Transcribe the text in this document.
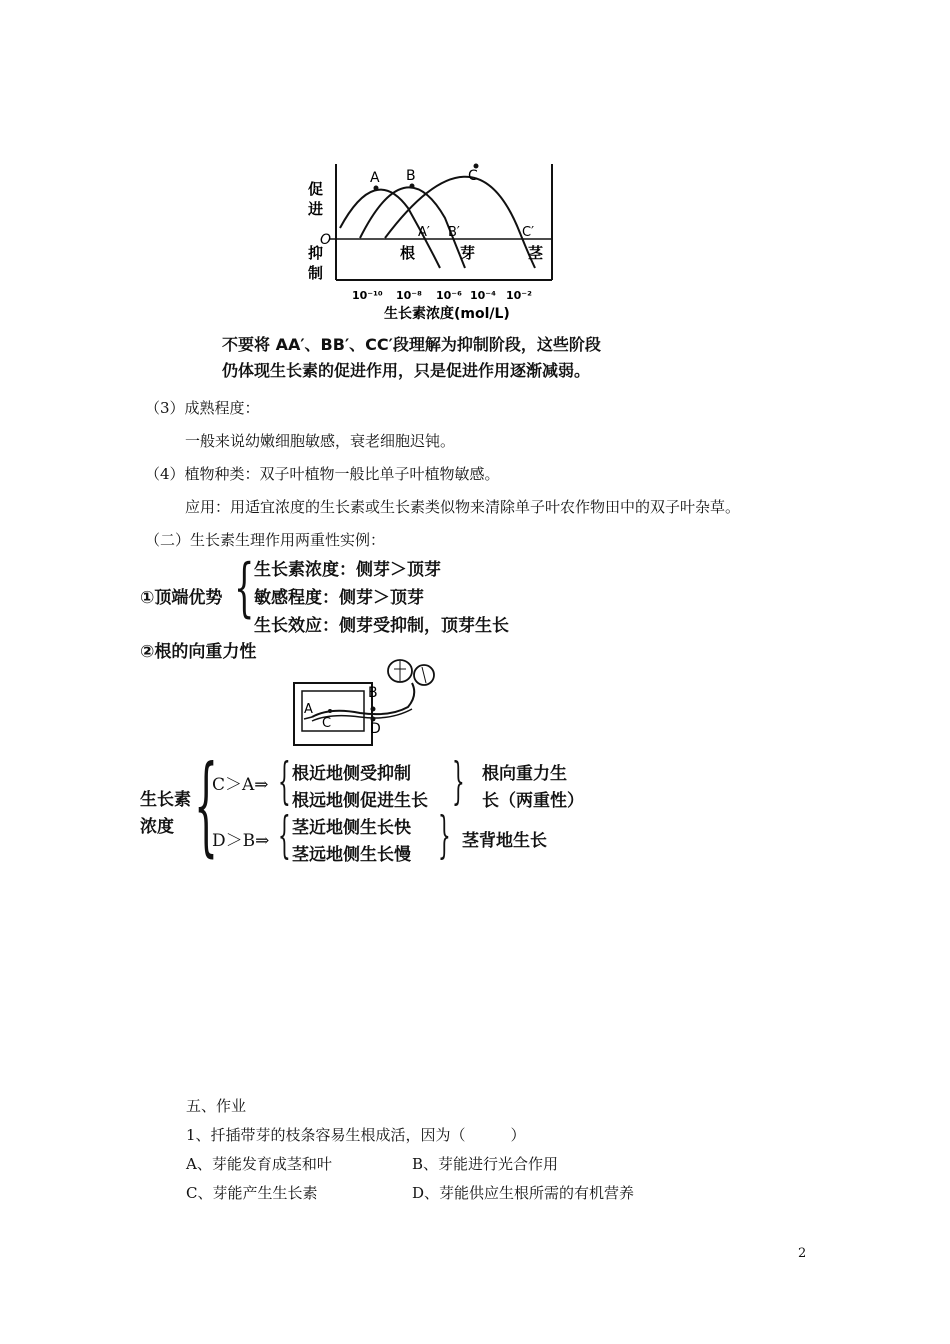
促
进
抑
制
O
A B	C
A′ B′	C′
根	芽	茎
10⁻¹⁰ 10⁻⁸ 10⁻⁶ 10⁻⁴ 10⁻²
生长素浓度(mol/L)
不要将 AA′、BB′、CC′段理解为抑制阶段，这些阶段
仍体现生长素的促进作用，只是促进作用逐渐减弱。
（3）成熟程度：
一般来说幼嫩细胞敏感，衰老细胞迟钝。
（4）植物种类：双子叶植物一般比单子叶植物敏感。
应用：用适宜浓度的生长素或生长素类似物来清除单子叶农作物田中的双子叶杂草。
（二）生长素生理作用两重性实例：
①顶端优势 { 生长素浓度：侧芽＞顶芽
敏感程度：侧芽＞顶芽
生长效应：侧芽受抑制，顶芽生长
②根的向重力性
A
B
C	D
生长素
浓度 {
C＞A⇒ { 根近地侧受抑制
根远地侧促进生长 } 根向重力生
长（两重性）
D＞B⇒ { 茎近地侧生长快
茎远地侧生长慢 } 茎背地生长
五、作业
1、扦插带芽的枝条容易生根成活，因为（　　　）
A、芽能发育成茎和叶	B、芽能进行光合作用
C、芽能产生生长素	D、芽能供应生根所需的有机营养
2
